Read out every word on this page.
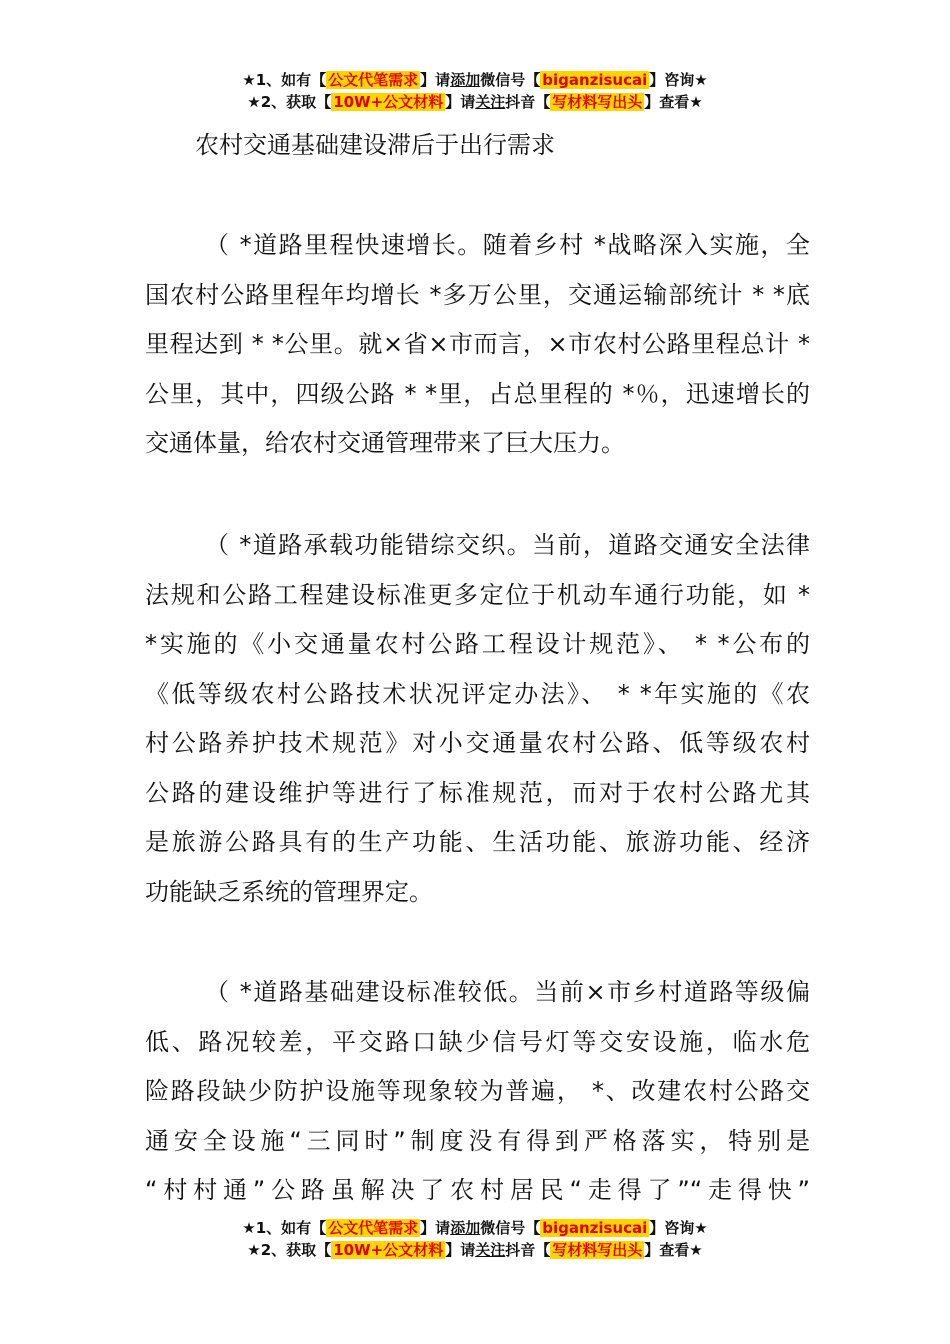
★1、如有【 公文代笔需求 】请添加微信号【 biganzisucai 】咨询★
★2、获取【 10W+公文材料 】请关注抖音【 写材料写出头 】查看★
农村交通基础建设滞后于出行需求
（ *道路里程快速增长。随着乡村 *战略深入实施，全
国农村公路里程年均增长 *多万公里，交通运输部统计 * *底
里程达到 * *公里。就×省×市而言，×市农村公路里程总计 *
公里，其中，四级公路 * *里，占总里程的 *％，迅速增长的
交通体量，给农村交通管理带来了巨大压力。
（ *道路承载功能错综交织。当前，道路交通安全法律
法规和公路工程建设标准更多定位于机动车通行功能，如 *
*实施的《小交通量农村公路工程设计规范》、 * *公布的
《低等级农村公路技术状况评定办法》、 * *年实施的《农
村公路养护技术规范》对小交通量农村公路、低等级农村
公路的建设维护等进行了标准规范，而对于农村公路尤其
是旅游公路具有的生产功能、生活功能、旅游功能、经济
功能缺乏系统的管理界定。
（ *道路基础建设标准较低。当前×市乡村道路等级偏
低、路况较差，平交路口缺少信号灯等交安设施，临水危
险路段缺少防护设施等现象较为普遍， *、改建农村公路交
通安全设施“三同时”制度没有得到严格落实，特别是
“村村通”公路虽解决了农村居民“走得了”“走得快”
★1、如有【 公文代笔需求 】请添加微信号【 biganzisucai 】咨询★
★2、获取【 10W+公文材料 】请关注抖音【 写材料写出头 】查看★
